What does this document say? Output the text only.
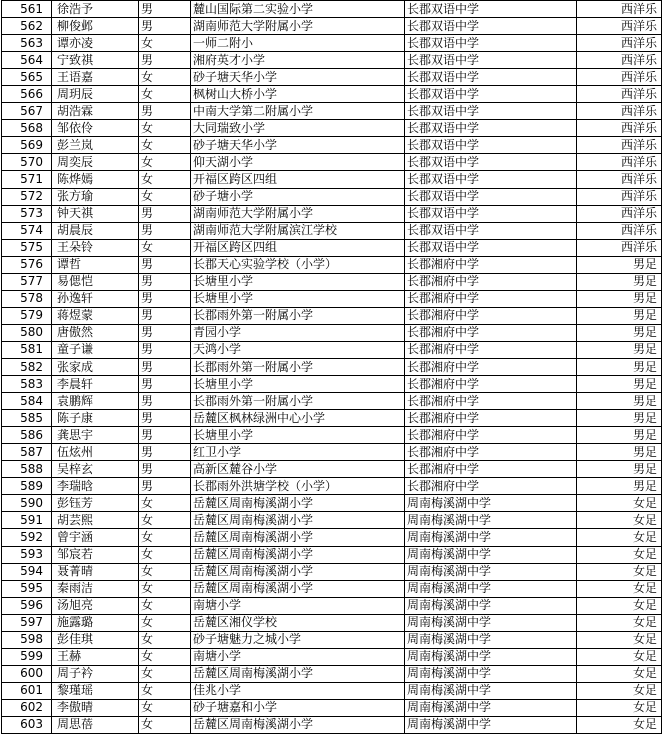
561	徐浩予	男	麓山国际第二实验小学	长郡双语中学	西洋乐
562	柳俊邺	男	湖南师范大学附属小学	长郡双语中学	西洋乐
563	谭亦凌	女	一师二附小	长郡双语中学	西洋乐
564	宁致祺	男	湘府英才小学	长郡双语中学	西洋乐
565	王语嘉	女	砂子塘天华小学	长郡双语中学	西洋乐
566	周玥辰	女	枫树山大桥小学	长郡双语中学	西洋乐
567	胡浩霖	男	中南大学第二附属小学	长郡双语中学	西洋乐
568	邹依伶	女	大同瑞致小学	长郡双语中学	西洋乐
569	彭兰岚	女	砂子塘天华小学	长郡双语中学	西洋乐
570	周奕辰	女	仰天湖小学	长郡双语中学	西洋乐
571	陈烨嫣	女	开福区跨区四组	长郡双语中学	西洋乐
572	张方瑜	女	砂子塘小学	长郡双语中学	西洋乐
573	钟天祺	男	湖南师范大学附属小学	长郡双语中学	西洋乐
574	胡晨辰	男	湖南师范大学附属滨江学校	长郡双语中学	西洋乐
575	王朵铃	女	开福区跨区四组	长郡双语中学	西洋乐
576	谭哲	男	长郡天心实验学校（小学）	长郡湘府中学	男足
577	易偲恺	男	长塘里小学	长郡湘府中学	男足
578	孙逸轩	男	长塘里小学	长郡湘府中学	男足
579	蒋煜蒙	男	长郡雨外第一附属小学	长郡湘府中学	男足
580	唐傲然	男	青园小学	长郡湘府中学	男足
581	童子谦	男	天鸿小学	长郡湘府中学	男足
582	张家成	男	长郡雨外第一附属小学	长郡湘府中学	男足
583	李晨轩	男	长塘里小学	长郡湘府中学	男足
584	袁鹏辉	男	长郡雨外第一附属小学	长郡湘府中学	男足
585	陈子康	男	岳麓区枫林绿洲中心小学	长郡湘府中学	男足
586	龚思宇	男	长塘里小学	长郡湘府中学	男足
587	伍炫州	男	红卫小学	长郡湘府中学	男足
588	吴梓玄	男	高新区麓谷小学	长郡湘府中学	男足
589	李瑞晗	男	长郡雨外洪塘学校（小学）	长郡湘府中学	男足
590	彭钰芳	女	岳麓区周南梅溪湖小学	周南梅溪湖中学	女足
591	胡芸熙	女	岳麓区周南梅溪湖小学	周南梅溪湖中学	女足
592	曾宇涵	女	岳麓区周南梅溪湖小学	周南梅溪湖中学	女足
593	邹宸若	女	岳麓区周南梅溪湖小学	周南梅溪湖中学	女足
594	聂菁晴	女	岳麓区周南梅溪湖小学	周南梅溪湖中学	女足
595	秦雨洁	女	岳麓区周南梅溪湖小学	周南梅溪湖中学	女足
596	汤旭亮	女	南塘小学	周南梅溪湖中学	女足
597	施露璐	女	岳麓区湘仪学校	周南梅溪湖中学	女足
598	彭佳琪	女	砂子塘魅力之城小学	周南梅溪湖中学	女足
599	王赫	女	南塘小学	周南梅溪湖中学	女足
600	周子衿	女	岳麓区周南梅溪湖小学	周南梅溪湖中学	女足
601	黎瑾瑶	女	佳兆小学	周南梅溪湖中学	女足
602	李傲晴	女	砂子塘嘉和小学	周南梅溪湖中学	女足
603	周思蓓	女	岳麓区周南梅溪湖小学	周南梅溪湖中学	女足
